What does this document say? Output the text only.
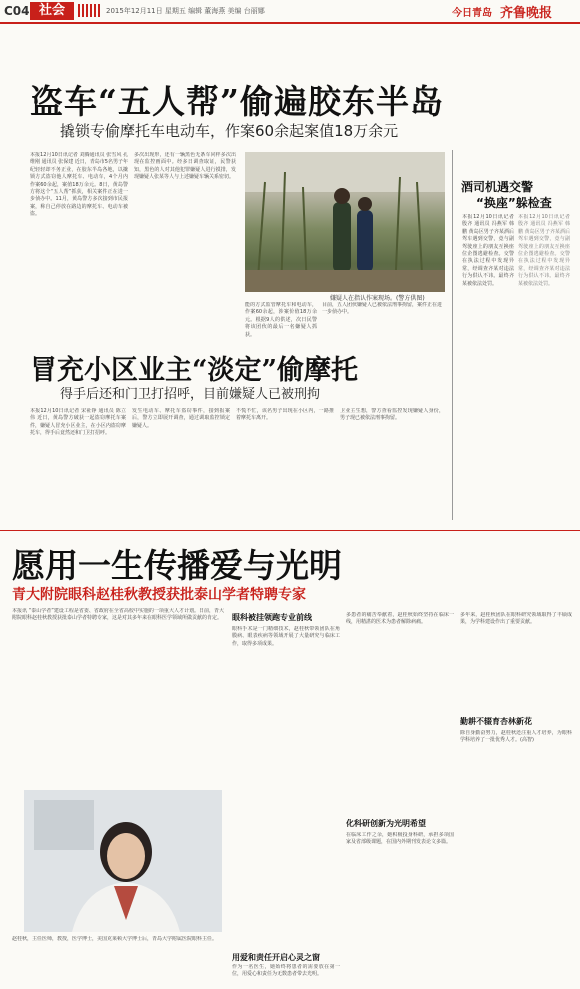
C04 社会	2015年12月11日 星期五 编辑 董海燕 美编 台丽娜	今日青岛 齐鲁晚报
盗车“五人帮”偷遍胶东半岛
撬锁专偷摩托车电动车，作案60余起案值18万余元
本报12月10日讯记者 刘腾通讯员 张雪风 孔维刚 通讯员 张保建 近日，青岛市5名男子年纪轻轻却不务正业，在胶东半岛各地，以撬锁方式盗窃他人摩托车、电动车，4个月内作案60余起，案值18万余元。8日，黄岛警方将这个“五人帮”抓获，相关案件正在进一步侦办中。11月，黄岛警方多次接到市民报案，称自己停放在路边的摩托车、电动车被盗。
多次出现形，还有一辆黑色无条车同样多次出现在监控画面中。经多日调查取证，民警获知，黑色的人对其他犯罪嫌疑人进行摸排，发现嫌疑人张某等人与上述嫌疑车辆关系密切。
嫌疑人在指认作案现场。(警方供图)
能的方式监管摩托车和电动车，作案60余起，涉案价值18万余元。根据9人的供述，次日民警将该团伙的最后一名嫌疑人抓获。
目前，五人团伙嫌疑人已被依法刑事拘留，案件正在进一步侦办中。
酒司机遇交警
“换座”躲检查
本报12月10日讯记者 殷齐 通讯员 冯燕军 韩鹏 黄岛区男子齐某酒后驾车遇到交警，竟与副驾驶座上的朋友互换座位企图逃避检查。交警在执法过程中发现异常，经调查齐某对违法行为供认不讳。最终齐某被依法处罚。
本报12月10日讯记者 殷齐 通讯员 冯燕军 韩鹏 黄岛区男子齐某酒后驾车遇到交警，竟与副驾驶座上的朋友互换座位企图逃避检查。交警在执法过程中发现异常，经调查齐某对违法行为供认不讳。最终齐某被依法处罚。
冒充小区业主“淡定”偷摩托
得手后还和门卫打招呼，目前嫌疑人已被刑拘
本报12月10日讯记者 宋祉铮 通讯员 陈立伟 近日，黄岛警方破获一起盗窃摩托车案件，嫌疑人冒充小区业主，在小区内盗窃摩托车，得手后竟然还和门卫打招呼。
发生电动车、摩托车盗窃事件，接到报案后，警方立即展开调查，通过调取监控锁定嫌疑人。
不慌不忙，该名男子出现在小区内，一路推着摩托车离开。
卫业主生想，警方查看监控发现嫌疑人身份，男子现已被依法刑事拘留。
愿用一生传播爱与光明
青大附院眼科赵桂秋教授获批泰山学者特聘专家
本报讯 “泰山学者”建设工程是省委、省政府在全省高校中实施的一项重大人才计划。日前，青大附院眼科赵桂秋教授获批泰山学者特聘专家，这是对其多年来在眼科医学领域所做贡献的肯定。
赵桂秋，主任医师，教授，医学博士，美国克莱顿大学博士后，青岛大学附属医院眼科主任。
眼科被挂领跑专业前线
眼科手术是一门精细技术，赵桂秋带领团队在角膜病、眼表疾病等领域开展了大量研究与临床工作，取得多项成果。
用爱和责任开启心灵之窗
作为一名医生，她始终将患者的需要放在第一位，用爱心和责任为无数患者带去光明。
多患者的痛苦奉献着，赵桂秋始终坚持在临床一线，用精湛的医术为患者解除病痛。
化科研创新为光明希望
在临床工作之余，她积极投身科研，承担多项国家及省部级课题，在国内外期刊发表论文多篇。
多年来，赵桂秋团队在眼科研究领域取得了丰硕成果，为学科建设作出了重要贡献。
勤耕不辍育杏林新花
除自身勤奋努力，赵桂秋还注重人才培养，为眼科学科培养了一批优秀人才。(高智)
